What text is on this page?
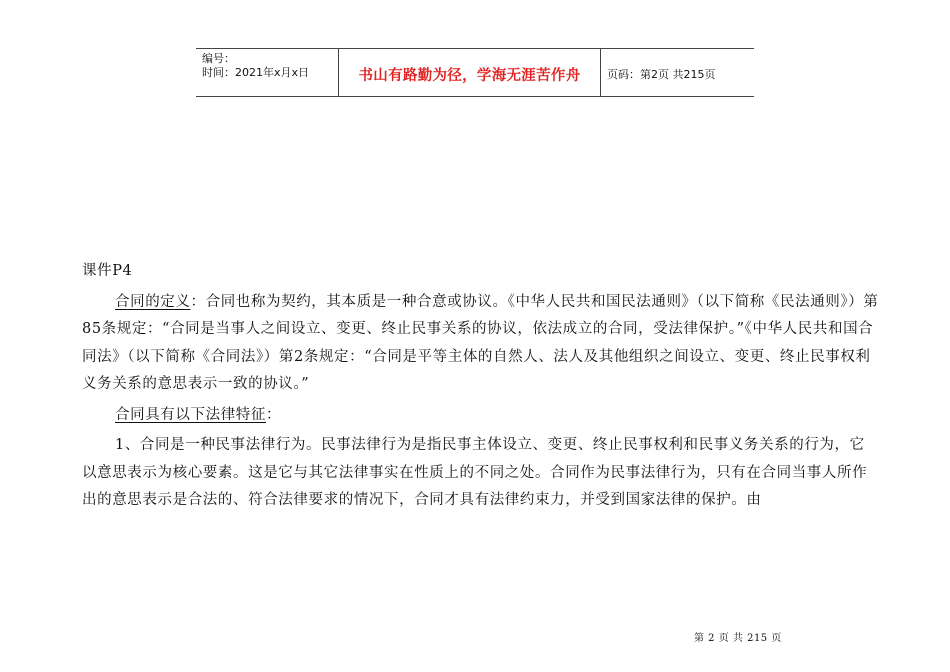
编号：
时间：2021年x月x日	书山有路勤为径，学海无涯苦作舟 页码：第2页 共215页

课件P4

合同的定义：合同也称为契约，其本质是一种合意或协议。《中华人民共和国民法通则》（以下简称《民法通则》）第85条规定：“合同是当事人之间设立、变更、终止民事关系的协议，依法成立的合同，受法律保护。”《中华人民共和国合同法》（以下简称《合同法》）第2条规定：“合同是平等主体的自然人、法人及其他组织之间设立、变更、终止民事权利义务关系的意思表示一致的协议。”

合同具有以下法律特征：

1、合同是一种民事法律行为。民事法律行为是指民事主体设立、变更、终止民事权利和民事义务关系的行为，它以意思表示为核心要素。这是它与其它法律事实在性质上的不同之处。合同作为民事法律行为，只有在合同当事人所作出的意思表示是合法的、符合法律要求的情况下，合同才具有法律约束力，并受到国家法律的保护。由

第 2 页 共 215 页
